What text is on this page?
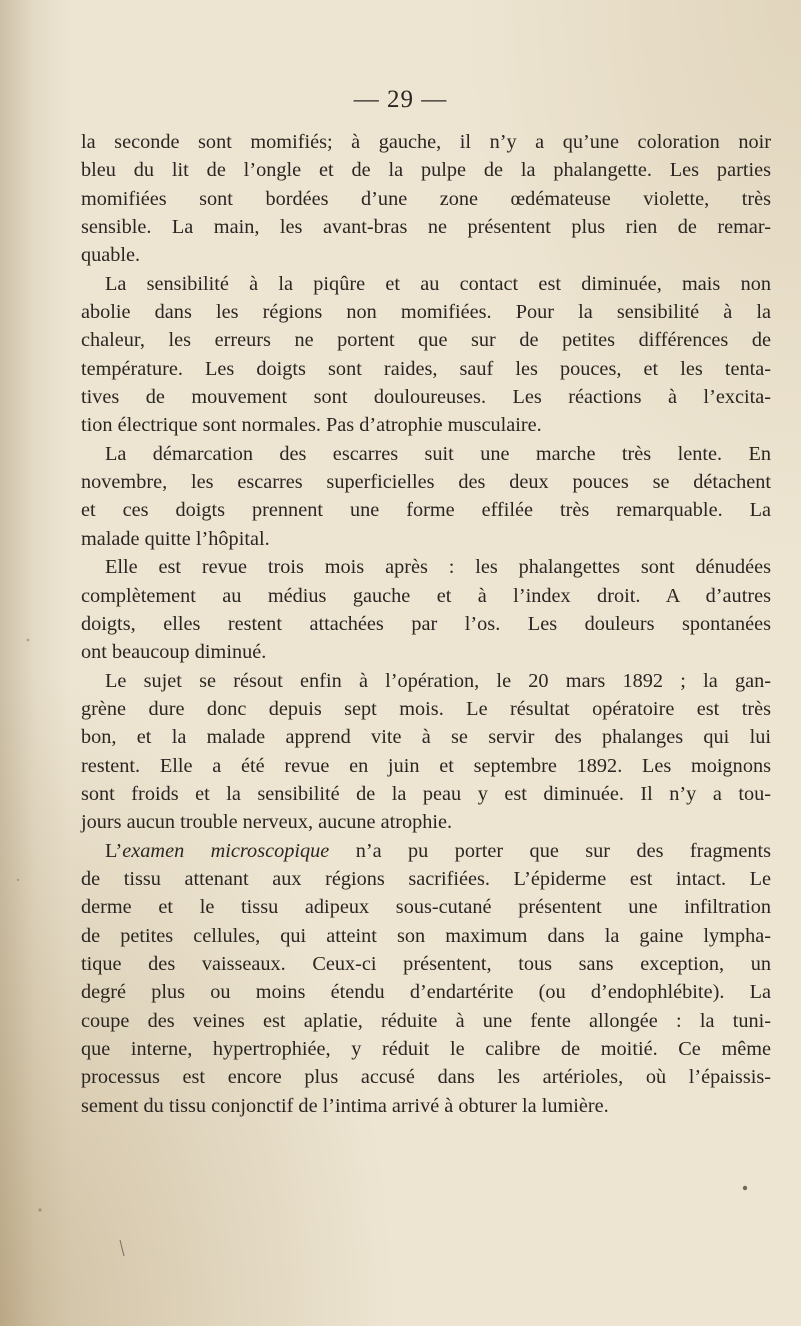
— 29 —

la seconde sont momifiés; à gauche, il n’y a qu’une coloration noir
bleu du lit de l’ongle et de la pulpe de la phalangette. Les parties
momifiées sont bordées d’une zone œdémateuse violette, très
sensible. La main, les avant-bras ne présentent plus rien de remar-
quable.

La sensibilité à la piqûre et au contact est diminuée, mais non
abolie dans les régions non momifiées. Pour la sensibilité à la
chaleur, les erreurs ne portent que sur de petites différences de
température. Les doigts sont raides, sauf les pouces, et les tenta-
tives de mouvement sont douloureuses. Les réactions à l’excita-
tion électrique sont normales. Pas d’atrophie musculaire.

La démarcation des escarres suit une marche très lente. En
novembre, les escarres superficielles des deux pouces se détachent
et ces doigts prennent une forme effilée très remarquable. La
malade quitte l’hôpital.

Elle est revue trois mois après : les phalangettes sont dénudées
complètement au médius gauche et à l’index droit. A d’autres
doigts, elles restent attachées par l’os. Les douleurs spontanées
ont beaucoup diminué.

Le sujet se résout enfin à l’opération, le 20 mars 1892 ; la gan-
grène dure donc depuis sept mois. Le résultat opératoire est très
bon, et la malade apprend vite à se servir des phalanges qui lui
restent. Elle a été revue en juin et septembre 1892. Les moignons
sont froids et la sensibilité de la peau y est diminuée. Il n’y a tou-
jours aucun trouble nerveux, aucune atrophie.

L’examen microscopique n’a pu porter que sur des fragments
de tissu attenant aux régions sacrifiées. L’épiderme est intact. Le
derme et le tissu adipeux sous-cutané présentent une infiltration
de petites cellules, qui atteint son maximum dans la gaine lympha-
tique des vaisseaux. Ceux-ci présentent, tous sans exception, un
degré plus ou moins étendu d’endartérite (ou d’endophlébite). La
coupe des veines est aplatie, réduite à une fente allongée : la tuni-
que interne, hypertrophiée, y réduit le calibre de moitié. Ce même
processus est encore plus accusé dans les artérioles, où l’épaissis-
sement du tissu conjonctif de l’intima arrivé à obturer la lumière.
